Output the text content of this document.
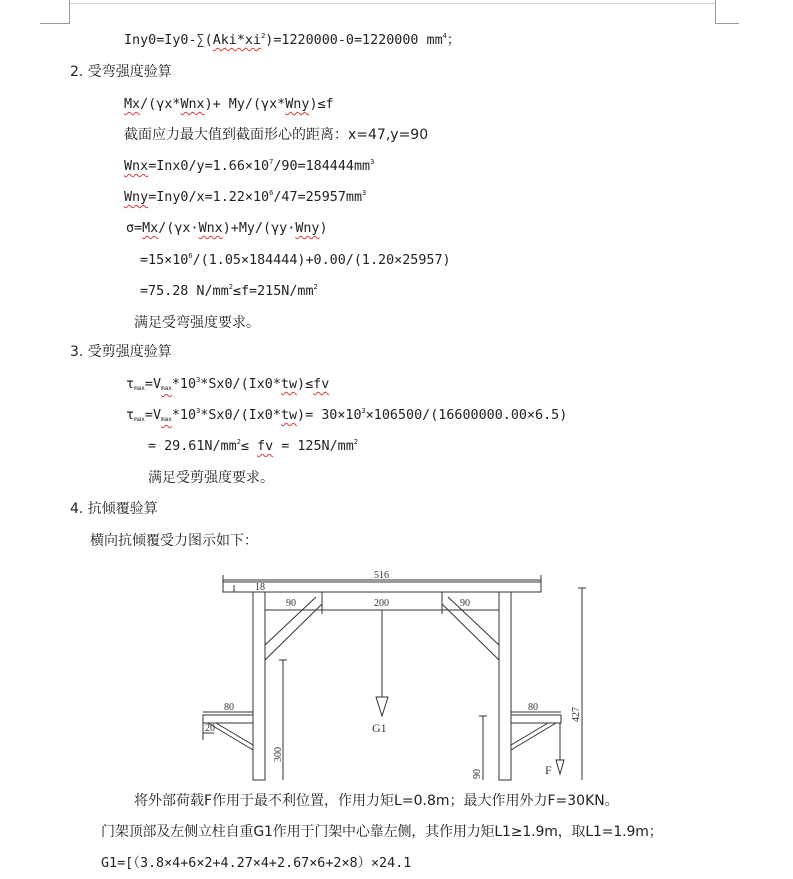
$Iny0=Iy0-\sum(Aki*xi^2)=1220000-0=1220000$ $mm^4$；
2. 受弯强度验算
Mx/(γx*Wnx)+ My/(γx*Wny)≤f
截面应力最大值到截面形心的距离：x=47,y=90
$Wnx=Inx0/y=1.66\times 10^7/90=184444mm^3$
$Wny=Iny0/x=1.22\times 10^6/47=25957mm^3$
σ=Mx/(γx·Wnx)+My/(γy·Wny)
$=15\times 10^6/(1.05\times 184444)+0.00/(1.20\times 25957)$
=75.28 $N/mm^2\le f=215N/mm^2$
满足受弯强度要求。
3. 受剪强度验算
$\tau_{max}=V_{max}*10^3*Sx0/(Ix0*tw)\le fv$
$\tau_{max}=V_{max}*10^3*Sx0/(Ix0*tw)= 30\times 10^3\times 106500/(16600000.00\times 6.5)$
= $29.61N/mm^2\le$ fv = $125N/mm^2$
满足受剪强度要求。
4. 抗倾覆验算
横向抗倾覆受力图示如下：
516
18
90	200	90
80
20
80
300
90
427
G1
F
将外部荷载F作用于最不利位置，作用力矩L=0.8m；最大作用外力F=30KN。
门架顶部及左侧立柱自重G1作用于门架中心靠左侧，其作用力矩L1≥1.9m，取L1=1.9m；
G1=[（3.8×4+6×2+4.27×4+2.67×6+2×8）×24.1
